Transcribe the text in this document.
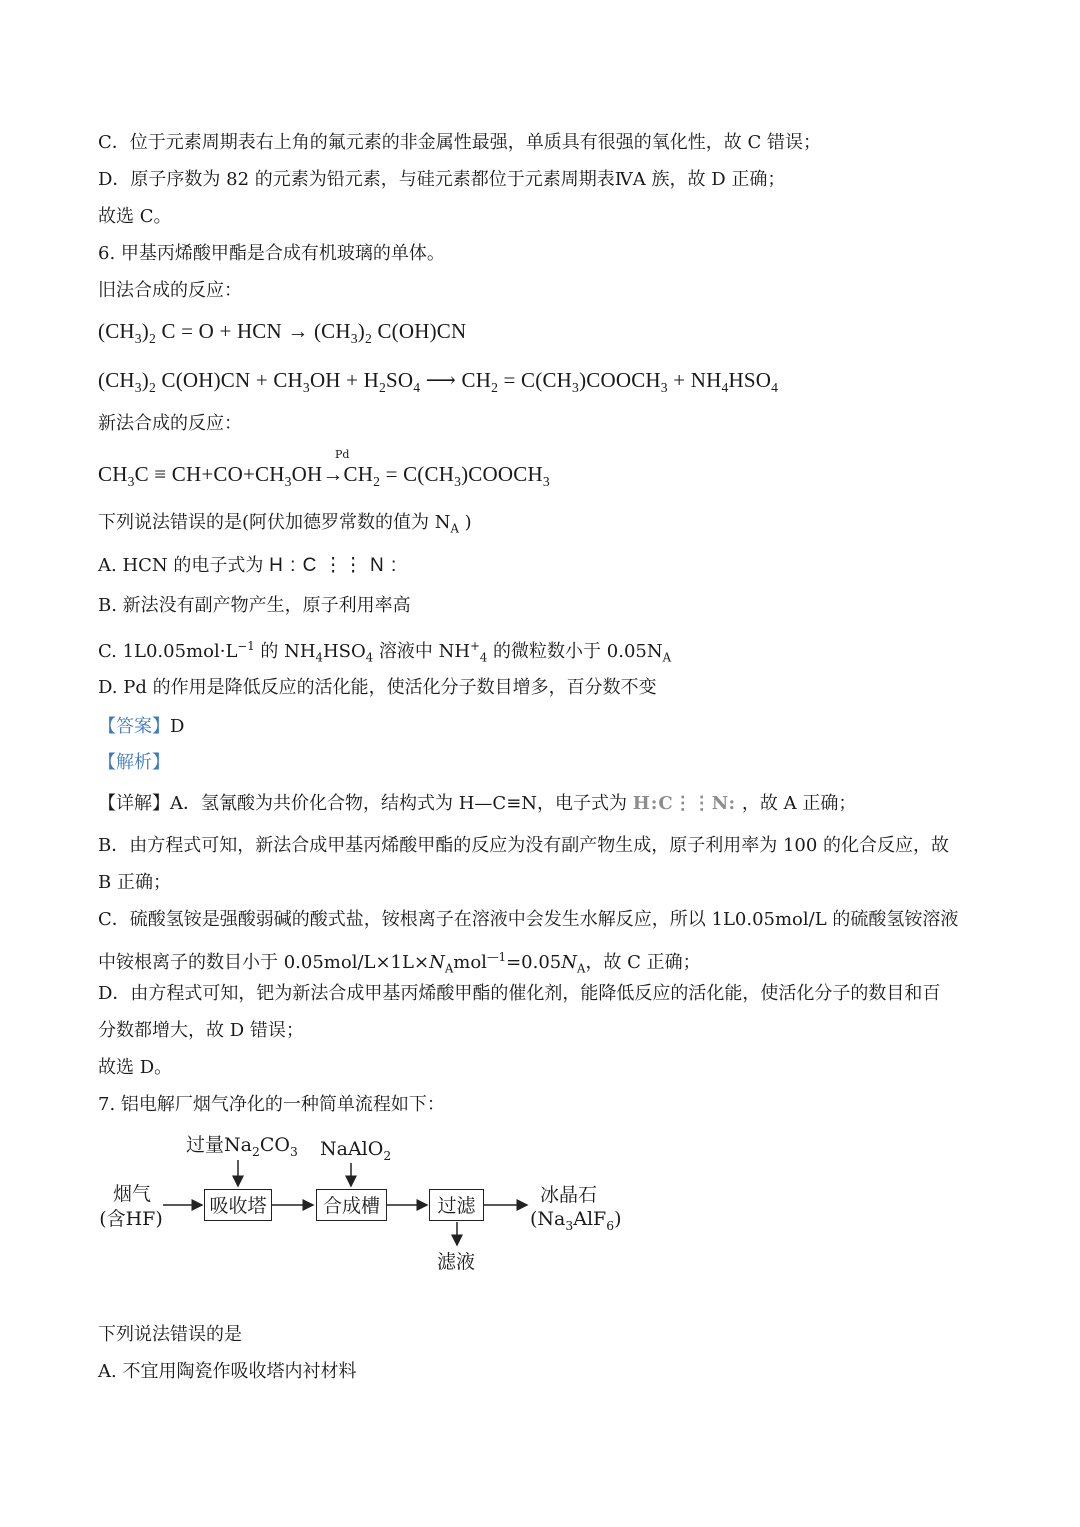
C．位于元素周期表右上角的氟元素的非金属性最强，单质具有很强的氧化性，故 C 错误；
D．原子序数为 82 的元素为铅元素，与硅元素都位于元素周期表ⅣA 族，故 D 正确；
故选 C。
6. 甲基丙烯酸甲酯是合成有机玻璃的单体。
旧法合成的反应：
$(CH_3)_2$ C = O + HCN → $(CH_3)_2$ C(OH)CN
$(CH_3)_2$ $C(OH)CN + CH_3OH + H_2SO_4$ ⟶ $CH_2$ = $C(CH_3)COOCH_3 + NH_4HSO_4$
新法合成的反应：
Pd
$CH_3C \equiv CH+CO+CH_3OH\to CH_2$ = $C(CH_3)COOCH_3$
下列说法错误的是(阿伏加德罗常数的值为 $N_A$ )
A. HCN 的电子式为 H : C ⋮⋮ N :
B. 新法没有副产物产生，原子利用率高
C. $1L0.05mol\cdot L^{-1}$ 的 $NH_4HSO_4$ 溶液中 $NH^+_4$ 的微粒数小于 $0.05N_A$
D. Pd 的作用是降低反应的活化能，使活化分子数目增多，百分数不变
【答案】D
【解析】
【详解】A．氢氰酸为共价化合物，结构式为 H—C≡N，电子式为 H:C⋮⋮N: ，故 A 正确；
B．由方程式可知，新法合成甲基丙烯酸甲酯的反应为没有副产物生成，原子利用率为 100 的化合反应，故
B 正确；
C．硫酸氢铵是强酸弱碱的酸式盐，铵根离子在溶液中会发生水解反应，所以 1L0.05mol/L 的硫酸氢铵溶液
中铵根离子的数目小于 $0.05mol/L\times 1L\times N_Amol^{—1}=0.05N_A$，故 C 正确；
D．由方程式可知，钯为新法合成甲基丙烯酸甲酯的催化剂，能降低反应的活化能，使活化分子的数目和百
分数都增大，故 D 错误；
故选 D。
7. 铝电解厂烟气净化的一种简单流程如下：
烟气
(含HF)
过量$Na_2CO_3$ NaAlO$_2$
吸收塔	合成槽	过滤
滤液
冰晶石
$(Na_3AlF_6)$
下列说法错误的是
A. 不宜用陶瓷作吸收塔内衬材料
